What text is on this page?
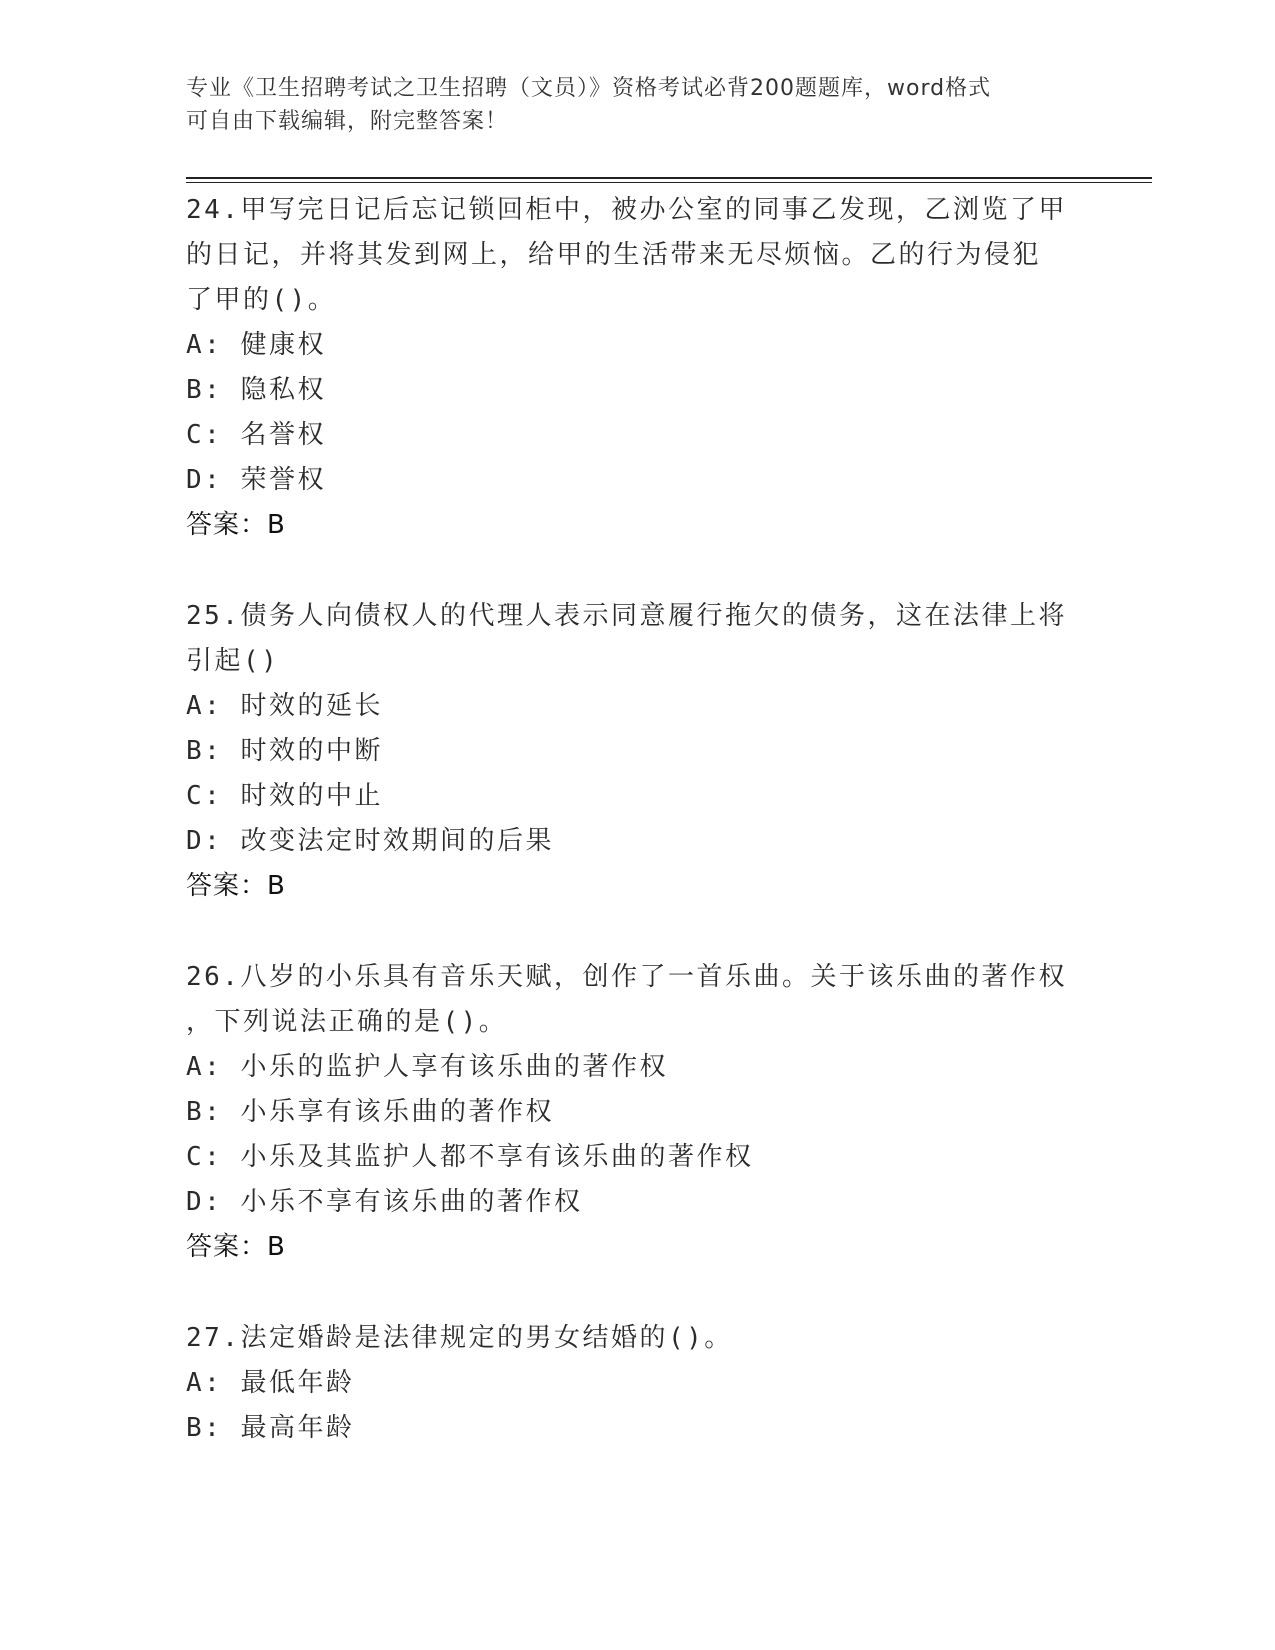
专业《卫生招聘考试之卫生招聘（文员）》资格考试必背200题题库，word格式
可自由下载编辑，附完整答案！
24.甲写完日记后忘记锁回柜中，被办公室的同事乙发现，乙浏览了甲
的日记，并将其发到网上，给甲的生活带来无尽烦恼。乙的行为侵犯
了甲的()。
A: 健康权
B: 隐私权
C: 名誉权
D: 荣誉权
答案：B
25.债务人向债权人的代理人表示同意履行拖欠的债务，这在法律上将
引起()
A: 时效的延长
B: 时效的中断
C: 时效的中止
D: 改变法定时效期间的后果
答案：B
26.八岁的小乐具有音乐天赋，创作了一首乐曲。关于该乐曲的著作权
，下列说法正确的是()。
A: 小乐的监护人享有该乐曲的著作权
B: 小乐享有该乐曲的著作权
C: 小乐及其监护人都不享有该乐曲的著作权
D: 小乐不享有该乐曲的著作权
答案：B
27.法定婚龄是法律规定的男女结婚的()。
A: 最低年龄
B: 最高年龄
